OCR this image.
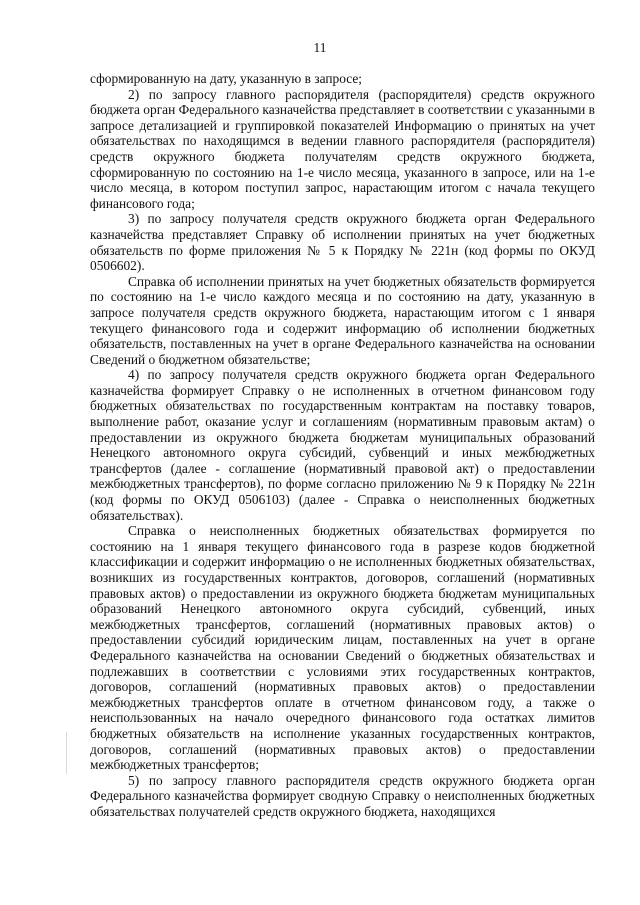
11

сформированную на дату, указанную в запросе;

2) по запросу главного распорядителя (распорядителя) средств окружного бюджета орган Федерального казначейства представляет в соответствии с указанными в запросе детализацией и группировкой показателей Информацию о принятых на учет обязательствах по находящимся в ведении главного распорядителя (распорядителя) средств окружного бюджета получателям средств окружного бюджета, сформированную по состоянию на 1-е число месяца, указанного в запросе, или на 1-е число месяца, в котором поступил запрос, нарастающим итогом с начала текущего финансового года;

3) по запросу получателя средств окружного бюджета орган Федерального казначейства представляет Справку об исполнении принятых на учет бюджетных обязательств по форме приложения № 5 к Порядку № 221н (код формы по ОКУД 0506602).

Справка об исполнении принятых на учет бюджетных обязательств формируется по состоянию на 1-е число каждого месяца и по состоянию на дату, указанную в запросе получателя средств окружного бюджета, нарастающим итогом с 1 января текущего финансового года и содержит информацию об исполнении бюджетных обязательств, поставленных на учет в органе Федерального казначейства на основании Сведений о бюджетном обязательстве;

4) по запросу получателя средств окружного бюджета орган Федерального казначейства формирует Справку о не исполненных в отчетном финансовом году бюджетных обязательствах по государственным контрактам на поставку товаров, выполнение работ, оказание услуг и соглашениям (нормативным правовым актам) о предоставлении из окружного бюджета бюджетам муниципальных образований Ненецкого автономного округа субсидий, субвенций и иных межбюджетных трансфертов (далее - соглашение (нормативный правовой акт) о предоставлении межбюджетных трансфертов), по форме согласно приложению № 9 к Порядку № 221н (код формы по ОКУД 0506103) (далее - Справка о неисполненных бюджетных обязательствах).

Справка о неисполненных бюджетных обязательствах формируется по состоянию на 1 января текущего финансового года в разрезе кодов бюджетной классификации и содержит информацию о не исполненных бюджетных обязательствах, возникших из государственных контрактов, договоров, соглашений (нормативных правовых актов) о предоставлении из окружного бюджета бюджетам муниципальных образований Ненецкого автономного округа субсидий, субвенций, иных межбюджетных трансфертов, соглашений (нормативных правовых актов) о предоставлении субсидий юридическим лицам, поставленных на учет в органе Федерального казначейства на основании Сведений о бюджетных обязательствах и подлежавших в соответствии с условиями этих государственных контрактов, договоров, соглашений (нормативных правовых актов) о предоставлении межбюджетных трансфертов оплате в отчетном финансовом году, а также о неиспользованных на начало очередного финансового года остатках лимитов бюджетных обязательств на исполнение указанных государственных контрактов, договоров, соглашений (нормативных правовых актов) о предоставлении межбюджетных трансфертов;

5) по запросу главного распорядителя средств окружного бюджета орган Федерального казначейства формирует сводную Справку о неисполненных бюджетных обязательствах получателей средств окружного бюджета, находящихся
